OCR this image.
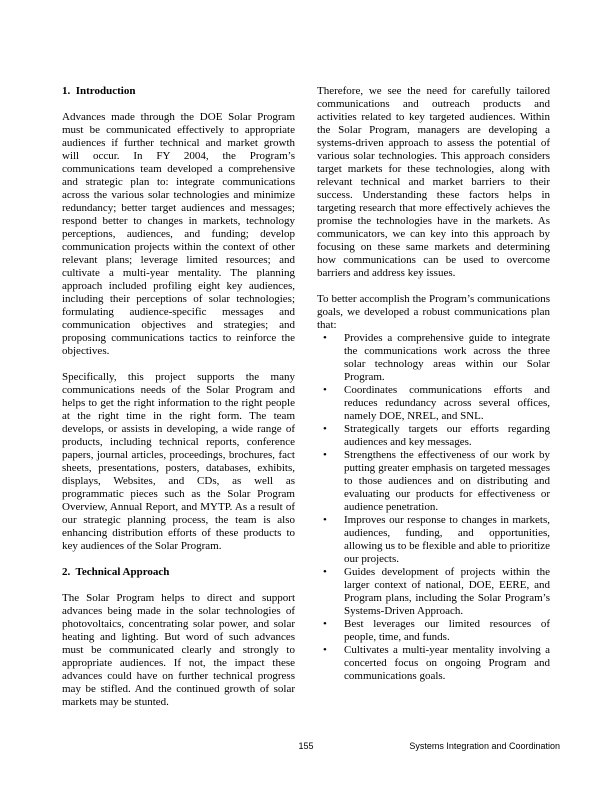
1.  Introduction

Advances made through the DOE Solar Program must be communicated effectively to appropriate audiences if further technical and market growth will occur. In FY 2004, the Program’s communications team developed a comprehensive and strategic plan to: integrate communications across the various solar technologies and minimize redundancy; better target audiences and messages; respond better to changes in markets, technology perceptions, audiences, and funding; develop communication projects within the context of other relevant plans; leverage limited resources; and cultivate a multi-year mentality. The planning approach included profiling eight key audiences, including their perceptions of solar technologies; formulating audience-specific messages and communication objectives and strategies; and proposing communications tactics to reinforce the objectives.

Specifically, this project supports the many communications needs of the Solar Program and helps to get the right information to the right people at the right time in the right form. The team develops, or assists in developing, a wide range of products, including technical reports, conference papers, journal articles, proceedings, brochures, fact sheets, presentations, posters, databases, exhibits, displays, Websites, and CDs, as well as programmatic pieces such as the Solar Program Overview, Annual Report, and MYTP. As a result of our strategic planning process, the team is also enhancing distribution efforts of these products to key audiences of the Solar Program.

2.  Technical Approach

The Solar Program helps to direct and support advances being made in the solar technologies of photovoltaics, concentrating solar power, and solar heating and lighting. But word of such advances must be communicated clearly and strongly to appropriate audiences. If not, the impact these advances could have on further technical progress may be stifled. And the continued growth of solar markets may be stunted.

Therefore, we see the need for carefully tailored communications and outreach products and activities related to key targeted audiences. Within the Solar Program, managers are developing a systems-driven approach to assess the potential of various solar technologies. This approach considers target markets for these technologies, along with relevant technical and market barriers to their success. Understanding these factors helps in targeting research that more effectively achieves the promise the technologies have in the markets. As communicators, we can key into this approach by focusing on these same markets and determining how communications can be used to overcome barriers and address key issues.

To better accomplish the Program’s communications goals, we developed a robust communications plan that:

•	Provides a comprehensive guide to integrate the communications work across the three solar technology areas within our Solar Program.
•	Coordinates communications efforts and reduces redundancy across several offices, namely DOE, NREL, and SNL.
•	Strategically targets our efforts regarding audiences and key messages.
•	Strengthens the effectiveness of our work by putting greater emphasis on targeted messages to those audiences and on distributing and evaluating our products for effectiveness or audience penetration.
•	Improves our response to changes in markets, audiences, funding, and opportunities, allowing us to be flexible and able to prioritize our projects.
•	Guides development of projects within the larger context of national, DOE, EERE, and Program plans, including the Solar Program’s Systems-Driven Approach.
•	Best leverages our limited resources of people, time, and funds.
•	Cultivates a multi-year mentality involving a concerted focus on ongoing Program and communications goals.
155	Systems Integration and Coordination
